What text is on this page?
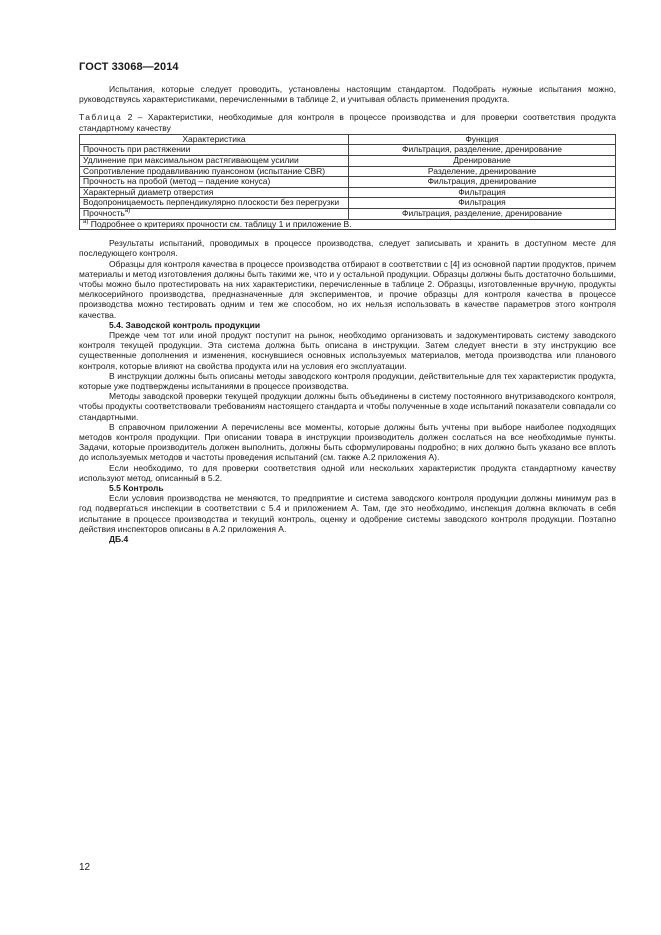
ГОСТ 33068—2014

Испытания, которые следует проводить, установлены настоящим стандартом. Подобрать нужные испытания можно, руководствуясь характеристиками, перечисленными в таблице 2, и учитывая область применения продукта.

Таблица 2 – Характеристики, необходимые для контроля в процессе производства и для проверки соответствия продукта стандартному качеству
Характеристика	Функция
Прочность при растяжении	Фильтрация, разделение, дренирование
Удлинение при максимальном растягивающем усилии	Дренирование
Сопротивление продавливанию пуансоном (испытание CBR)	Разделение, дренирование
Прочность на пробой (метод – падение конуса)	Фильтрация, дренирование
Характерный диаметр отверстия	Фильтрация
Водопроницаемость перпендикулярно плоскости без перегрузки	Фильтрация
Прочность$^{а)}$	Фильтрация, разделение, дренирование
$^{а)}$ Подробнее о критериях прочности см. таблицу 1 и приложение В.	

Результаты испытаний, проводимых в процессе производства, следует записывать и хранить в доступном месте для последующего контроля.

Образцы для контроля качества в процессе производства отбирают в соответствии с [4] из основной партии продуктов, причем материалы и метод изготовления должны быть такими же, что и у остальной продукции. Образцы должны быть достаточно большими, чтобы можно было протестировать на них характеристики, перечисленные в таблице 2. Образцы, изготовленные вручную, продукты мелкосерийного производства, предназначенные для экспериментов, и прочие образцы для контроля качества в процессе производства можно тестировать одним и тем же способом, но их нельзя использовать в качестве параметров этого контроля качества.

5.4. Заводской контроль продукции

Прежде чем тот или иной продукт поступит на рынок, необходимо организовать и задокументировать систему заводского контроля текущей продукции. Эта система должна быть описана в инструкции. Затем следует внести в эту инструкцию все существенные дополнения и изменения, коснувшиеся основных используемых материалов, метода производства или планового контроля, которые влияют на свойства продукта или на условия его эксплуатации.

В инструкции должны быть описаны методы заводского контроля продукции, действительные для тех характеристик продукта, которые уже подтверждены испытаниями в процессе производства.

Методы заводской проверки текущей продукции должны быть объединены в систему постоянного внутризаводского контроля, чтобы продукты соответствовали требованиям настоящего стандарта и чтобы полученные в ходе испытаний показатели совпадали со стандартными.

В справочном приложении А перечислены все моменты, которые должны быть учтены при выборе наиболее подходящих методов контроля продукции. При описании товара в инструкции производитель должен сослаться на все необходимые пункты. Задачи, которые производитель должен выполнить, должны быть сформулированы подробно; в них должно быть указано все вплоть до используемых методов и частоты проведения испытаний (см. также А.2 приложения А).

Если необходимо, то для проверки соответствия одной или нескольких характеристик продукта стандартному качеству используют метод, описанный в 5.2.

5.5 Контроль

Если условия производства не меняются, то предприятие и система заводского контроля продукции должны минимум раз в год подвергаться инспекции в соответствии с 5.4 и приложением А. Там, где это необходимо, инспекция должна включать в себя испытание в процессе производства и текущий контроль, оценку и одобрение системы заводского контроля продукции. Поэтапно действия инспекторов описаны в А.2 приложения А.

ДБ.4

12
